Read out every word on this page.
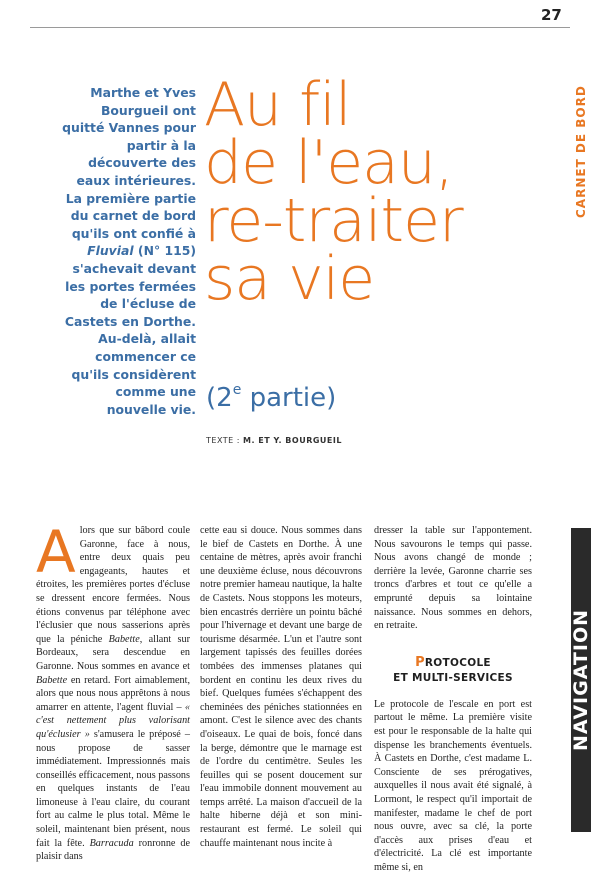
27
CARNET DE BORD
NAVIGATION
Marthe et Yves Bourgueil ont quitté Vannes pour partir à la découverte des eaux intérieures. La première partie du carnet de bord qu'ils ont confié à Fluvial (N° 115) s'achevait devant les portes fermées de l'écluse de Castets en Dorthe. Au-delà, allait commencer ce qu'ils considèrent comme une nouvelle vie.
Au fil
de l'eau,
re-traiter
sa vie
(2e partie)
TEXTE : M. ET Y. BOURGUEIL
A lors que sur bâbord coule Garonne, face à nous, entre deux quais peu engageants, hautes et étroites, les premières portes d'écluse se dressent encore fermées. Nous étions convenus par téléphone avec l'éclusier que nous sasserions après que la péniche Babette, allant sur Bordeaux, sera descendue en Garonne. Nous sommes en avance et Babette en retard. Fort aimablement, alors que nous nous apprêtons à nous amarrer en attente, l'agent fluvial – « c'est nettement plus valorisant qu'éclusier » s'amusera le préposé – nous propose de sasser immédiatement. Impressionnés mais conseillés efficacement, nous passons en quelques instants de l'eau limoneuse à l'eau claire, du courant fort au calme le plus total. Même le soleil, maintenant bien présent, nous fait la fête. Barracuda ronronne de plaisir dans

cette eau si douce. Nous sommes dans le bief de Castets en Dorthe. À une centaine de mètres, après avoir franchi une deuxième écluse, nous découvrons notre premier hameau nautique, la halte de Castets. Nous stoppons les moteurs, bien encastrés derrière un pointu bâché pour l'hivernage et devant une barge de tourisme désarmée. L'un et l'autre sont largement tapissés des feuilles dorées tombées des immenses platanes qui bordent en continu les deux rives du bief. Quelques fumées s'échappent des cheminées des péniches stationnées en amont. C'est le silence avec des chants d'oiseaux. Le quai de bois, foncé dans la berge, démontre que le marnage est de l'ordre du centimètre. Seules les feuilles qui se posent doucement sur l'eau immobile donnent mouvement au temps arrêté. La maison d'accueil de la halte hiberne déjà et son mini-restaurant est fermé. Le soleil qui chauffe maintenant nous incite à

dresser la table sur l'appontement. Nous savourons le temps qui passe. Nous avons changé de monde ; derrière la levée, Garonne charrie ses troncs d'arbres et tout ce qu'elle a emprunté depuis sa lointaine naissance. Nous sommes en dehors, en retraite.

PROTOCOLE
ET MULTI-SERVICES

Le protocole de l'escale en port est partout le même. La première visite est pour le responsable de la halte qui dispense les branchements éventuels. À Castets en Dorthe, c'est madame L. Consciente de ses prérogatives, auxquelles il nous avait été signalé, à Lormont, le respect qu'il importait de manifester, madame le chef de port nous ouvre, avec sa clé, la porte d'accès aux prises d'eau et d'électricité. La clé est importante même si, en
